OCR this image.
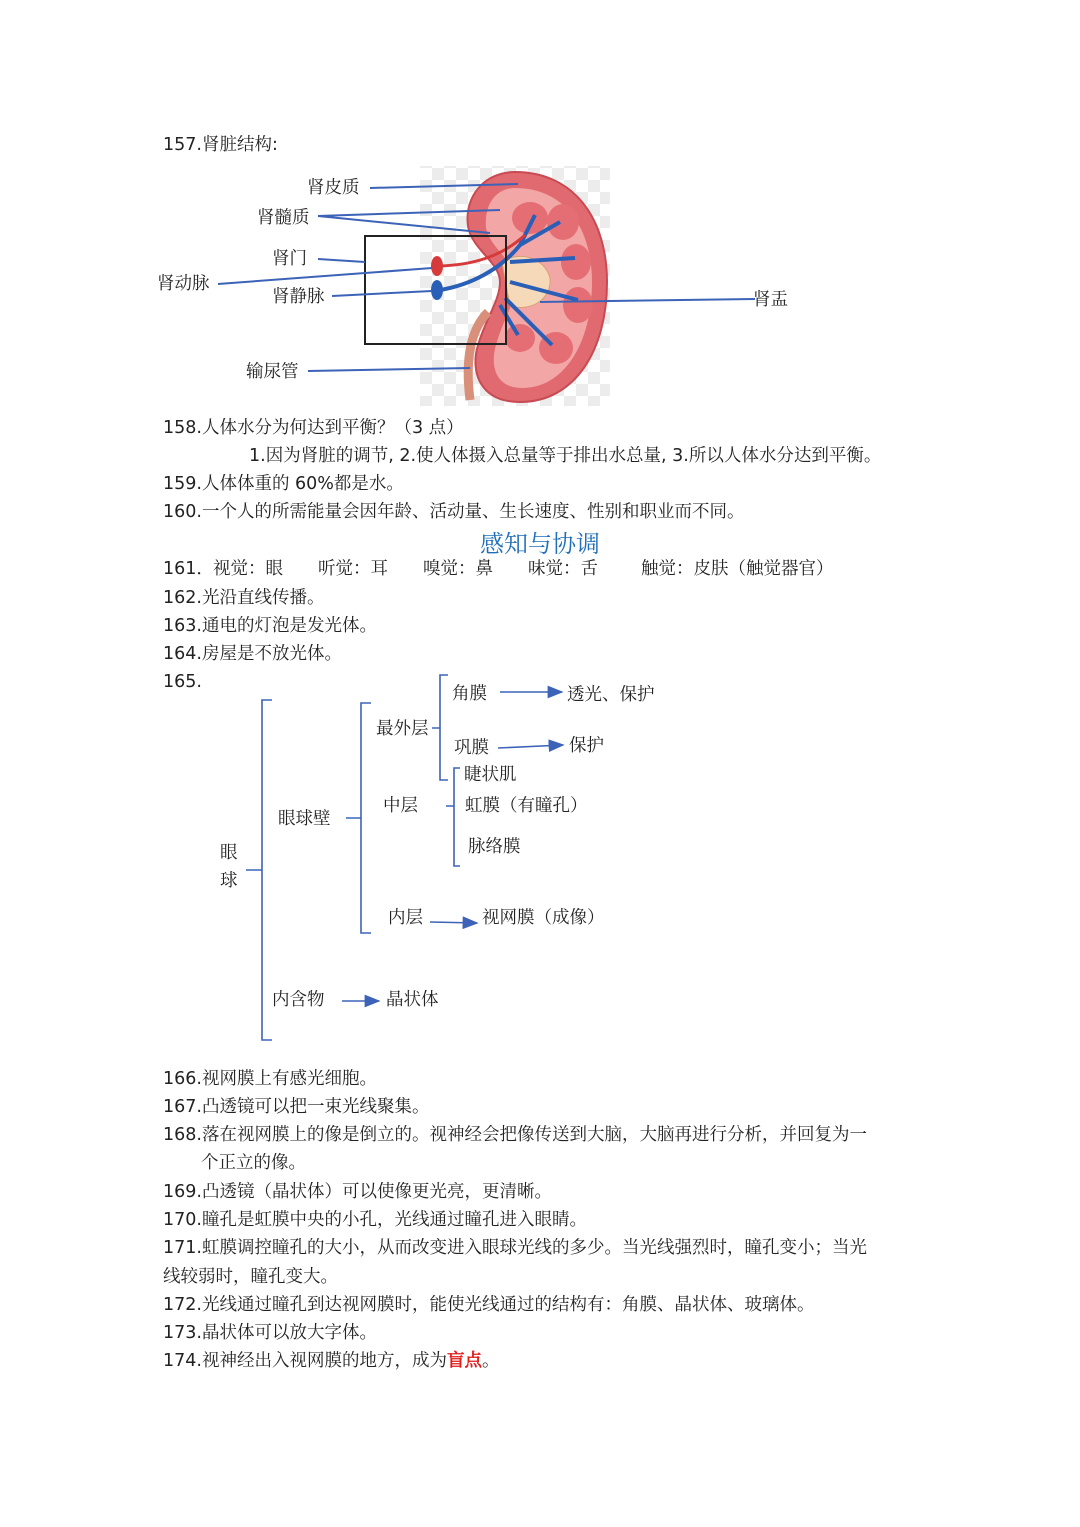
157.肾脏结构:
肾皮质
肾髓质
肾门
肾动脉
肾静脉	肾盂
输尿管
158.人体水分为何达到平衡？（3 点）
1.因为肾脏的调节, 2.使人体摄入总量等于排出水总量, 3.所以人体水分达到平衡。
159.人体体重的 60%都是水。
160.一个人的所需能量会因年龄、活动量、生长速度、性别和职业而不同。
感知与协调
161． 视觉：眼 听觉：耳 嗅觉：鼻 味觉：舌 触觉：皮肤（触觉器官）
162.光沿直线传播。
163.通电的灯泡是发光体。
164.房屋是不放光体。
165.
眼
球
眼球壁
最外层
角膜	透光、保护
巩膜	保护
中层
睫状肌
虹膜（有瞳孔）
脉络膜
内层	视网膜（成像）
内含物	晶状体
166.视网膜上有感光细胞。
167.凸透镜可以把一束光线聚集。
168.落在视网膜上的像是倒立的。视神经会把像传送到大脑，大脑再进行分析，并回复为一
个正立的像。
169.凸透镜（晶状体）可以使像更光亮，更清晰。
170.瞳孔是虹膜中央的小孔，光线通过瞳孔进入眼睛。
171.虹膜调控瞳孔的大小，从而改变进入眼球光线的多少。当光线强烈时，瞳孔变小；当光
线较弱时，瞳孔变大。
172.光线通过瞳孔到达视网膜时，能使光线通过的结构有：角膜、晶状体、玻璃体。
173.晶状体可以放大字体。
174.视神经出入视网膜的地方，成为盲点。
